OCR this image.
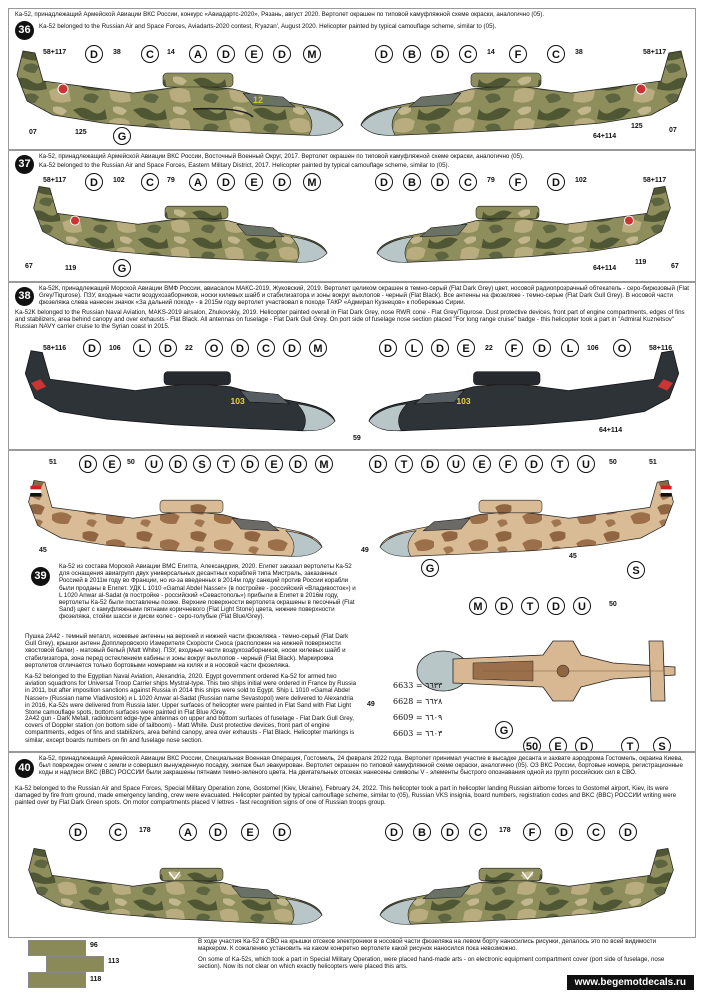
36
Ка-52, принадлежащий Армейской Авиации ВКС России, конкурс «Авиадартс-2020», Рязань, август 2020. Вертолет окрашен по типовой камуфляжной схеме окраски, аналогично (05).
Ka-52 belonged to the Russian Air and Space Forces, Aviadarts-2020 contest, R'yazan', August 2020. Helicopter painted by typical camouflage scheme, similar to (05).
12
58+117	D	38	C	14	A	D	E	D	M	D	B	D	C	14	F	C	38	58+117
07	125	G	64+114
125
07
37
Ка-52, принадлежащий Армейской Авиации ВКС России, Восточный Военный Округ, 2017. Вертолет окрашен по типовой камуфляжной схеме окраски, аналогично (05).
Ka-52 belonged to the Russian Air and Space Forces, Eastern Military District, 2017. Helicopter painted by typical camouflage scheme, similar to (05).
58+117	D	102	C	79	A	D	E	D	M	D	B	D	C	79	F	D	102	58+117
67	119	G	64+114
119
67
38
Ка-52К, принадлежащий Морской Авиации ВМФ России, авиасалон МАКС-2019, Жуковский, 2019. Вертолет целиком окрашен в темно-серый (Flat Dark Grey) цвет, носовой радиопрозрачный обтекатель - серо-бирюзовый (Flat Grey/Tiqurose). ПЗУ, входные части воздухозаборников, носки килевых шайб и стабилизатора и зоны вокруг выхлопов - черный (Flat Black). Все антенны на фюзеляже - темно-серые (Flat Dark Gull Grey). В носовой части фюзеляжа слева нанесен значок «За дальний поход» - в 2015м году вертолет участвовал в походе ТАКР «Адмирал Кузнецов» к побережью Сирии.
Ka-52K belonged to the Russian Naval Aviation, MAKS-2019 airsalon, Zhukovskiy, 2019. Helicopter painted overall in Flat Dark Grey, nose RWR cone - Flat Grey/Tiqurose. Dust protective devices, front part of engine compartments, edges of fins and stabilizers, area behind canopy and over exhausts - Flat Black. All antennas on fuselage - Flat Dark Gull Grey. On port side of fuselage nose section placed "For long range cruise" badge - this helicopter took a part in "Admiral Kuznetsov" Russian NAVY carrier cruise to the Syrian coast in 2015.
103	103
58+116	D	106	L	D	22	O	D	C	D	M	D	L	D	E	22	F	D	L	106	O	58+116
59
64+114
D
51	E	50	U	D	S	T	D	E	D	M	D	T	D	U	E	F	D	T	U	50	51
45	49
45
G	S
39
Ка-52 из состава Морской Авиации ВМС Египта, Александрия, 2020. Египет заказал вертолеты Ка-52 для оснащения авиагрупп двух универсальных десантных кораблей типа Мистраль, заказанных Россией в 2011м году во Франции, но из-за введенных в 2014м году санкций против России корабли были проданы в Египет. УДК L 1010 «Gamal Abdel Nasser» (в постройке - российский «Владивосток») и L 1020 Anwar al-Sadat (в постройке - российский «Севастополь») прибыли в Египет в 2016м году, вертолеты Ка-52 были поставлены позже. Верхние поверхности вертолета окрашены в песочный (Flat Sand) цвет с камуфляжными пятнами коричневого (Flat Light Stone) цвета, нижние поверхности фюзеляжа, стойки шасси и диски колес - серо-голубые (Flat Blue/Grey).
Пушка 2А42 - темный металл, ножевые антенны на верхней и нижней части фюзеляжа - темно-серый (Flat Dark Gull Grey), крышки антенн Допплеровского Измерителя Скорости Сноса (расположен на нижней поверхности хвостовой балки) - матовый белый (Matt White). ПЗУ, входные части воздухозаборников, носки килевых шайб и стабилизатора, зона перед остеклением кабины и зоны вокруг выхлопов - черный (Flat Black). Маркировка вертолетов отличается только бортовыми номерами на килях и в носовой части фюзеляжа.
Ka-52 belonged to the Egyptian Naval Aviation, Alexandria, 2020. Egypt government ordered Ka-52 for armed two aviation squadrons for Universal Troop Carrier ships Mystral-type. This two ships initial were ordered in France by Russia in 2011, but after imposition sanctions against Russia in 2014 this ships were sold to Egypt. Ship L 1010 «Gamal Abdel Nasser» (Russian name Vladivostok) и L 1020 Anwar al-Sadat (Russian name Sevastopol) were delivered to Alexandria in 2016, Ka-52s were delivered from Russia later. Upper surfaces of helicopter were painted in Flat Sand with Flat Light Stone camouflage spots, bottom surfaces were painted in Flat Blue /Grey.
2A42 gun - Dark Metall, radiolucent edge-type antennas on upper and bottom surfaces of fuselage - Flat Dark Gull Grey, covers of Doppler station (on bottom side of tailboom) - Matt White. Dust protective devices, front part of engine compartments, edges of fins and stabilizers, area behind canopy, area over exhausts - Flat Black. Helicopter markings is similar, except boards numbers on fin and fuselage nose section.
M	D	T	D	U	50
E	D	T	S
50
G
49
6633 = ٦٦٣٣
6628 = ٦٦٢٨
6609 = ٦٦٠٩
6603 = ٦٦٠٣
40
Ка-52, принадлежащий Армейской Авиации ВКС России, Специальная Военная Операция, Гостомель, 24 февраля 2022 года. Вертолет принимал участие в высадке десанта и захвате аэродрома Гостомель, окраина Киева, был поврежден огнем с земли и совершил вынужденную посадку, экипаж был эвакуирован. Вертолет окрашен по типовой камуфляжной схеме окраски, аналогично (05). ОЗ ВКС России, бортовые номера, регистрационные коды и надписи ВКС (ВВС) РОССИИ были закрашены пятнами темно-зеленого цвета. На двигательных отсеках нанесены символы V - элементы быстрого опознавания одной из групп российских сил в СВО.
Ka-52 belonged to the Russian Air and Space Forces, Special Military Operation zone, Gostomel (Kiev, Ukraine), February 24, 2022. This helicopter took a part in helicopter landing Russian airborne forces to Gostomel airport, Kiev, its were damaged by fire from ground, made emergency landing, crew were evacuated. Helicopter painted by typical camouflage scheme, similar to (05), Russian VKS insignia, board numbers, registration codes and BKC (BBC) РОССИИ writing were painted over by Flat Dark Green spots. On motor compartments placed V lettres - fast recognition signs of one of Russian troops group.
D	C	178	A	D	E	D	D	B	D	C	178	F	D	C	D
96
113
118
В ходе участия Ка-52 в СВО на крышки отсеков электроники в носовой части фюзеляжа на левом борту наносились рисунки, делалось это по всей видимости маркером. К сожалению установить на каком конкретно вертолете какой рисунок наносился пока невозможно.
On some of Ka-52s, which took a part in Special Military Operation, were placed hand-made arts - on electronic equipment compartment cover (port side of fuselage, nose section). Now its not clear on which exactly helicopters were placed this arts.
www.begemotdecals.ru
